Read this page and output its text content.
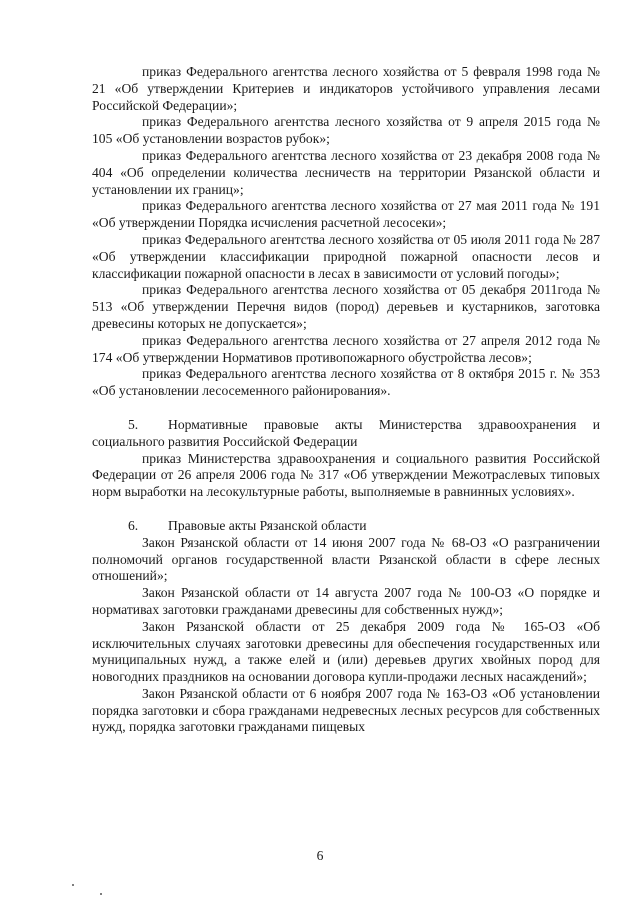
приказ Федерального агентства лесного хозяйства от 5 февраля 1998 года № 21 «Об утверждении Критериев и индикаторов устойчивого управления лесами Российской Федерации»;

приказ Федерального агентства лесного хозяйства от 9 апреля 2015 года № 105 «Об установлении возрастов рубок»;

приказ Федерального агентства лесного хозяйства от 23 декабря 2008 года № 404 «Об определении количества лесничеств на территории Рязанской области и установлении их границ»;

приказ Федерального агентства лесного хозяйства от 27 мая 2011 года № 191 «Об утверждении Порядка исчисления расчетной лесосеки»;

приказ Федерального агентства лесного хозяйства от 05 июля 2011 года № 287 «Об утверждении классификации природной пожарной опасности лесов и классификации пожарной опасности в лесах в зависимости от условий погоды»;

приказ Федерального агентства лесного хозяйства от 05 декабря 2011года № 513 «Об утверждении Перечня видов (пород) деревьев и кустарников, заготовка древесины которых не допускается»;

приказ Федерального агентства лесного хозяйства от 27 апреля 2012 года № 174 «Об утверждении Нормативов противопожарного обустройства лесов»;

приказ Федерального агентства лесного хозяйства от 8 октября 2015 г. № 353 «Об установлении лесосеменного районирования».

5. Нормативные правовые акты Министерства здравоохранения и социального развития Российской Федерации

приказ Министерства здравоохранения и социального развития Российской Федерации от 26 апреля 2006 года № 317 «Об утверждении Межотраслевых типовых норм выработки на лесокультурные работы, выполняемые в равнинных условиях».

6. Правовые акты Рязанской области

Закон Рязанской области от 14 июня 2007 года № 68-ОЗ «О разграничении полномочий органов государственной власти Рязанской области в сфере лесных отношений»;

Закон Рязанской области от 14 августа 2007 года № 100-ОЗ «О порядке и нормативах заготовки гражданами древесины для собственных нужд»;

Закон Рязанской области от 25 декабря 2009 года № 165-ОЗ «Об исключительных случаях заготовки древесины для обеспечения государственных или муниципальных нужд, а также елей и (или) деревьев других хвойных пород для новогодних праздников на основании договора купли-продажи лесных насаждений»;

Закон Рязанской области от 6 ноября 2007 года № 163-ОЗ «Об установлении порядка заготовки и сбора гражданами недревесных лесных ресурсов для собственных нужд, порядка заготовки гражданами пищевых

6
